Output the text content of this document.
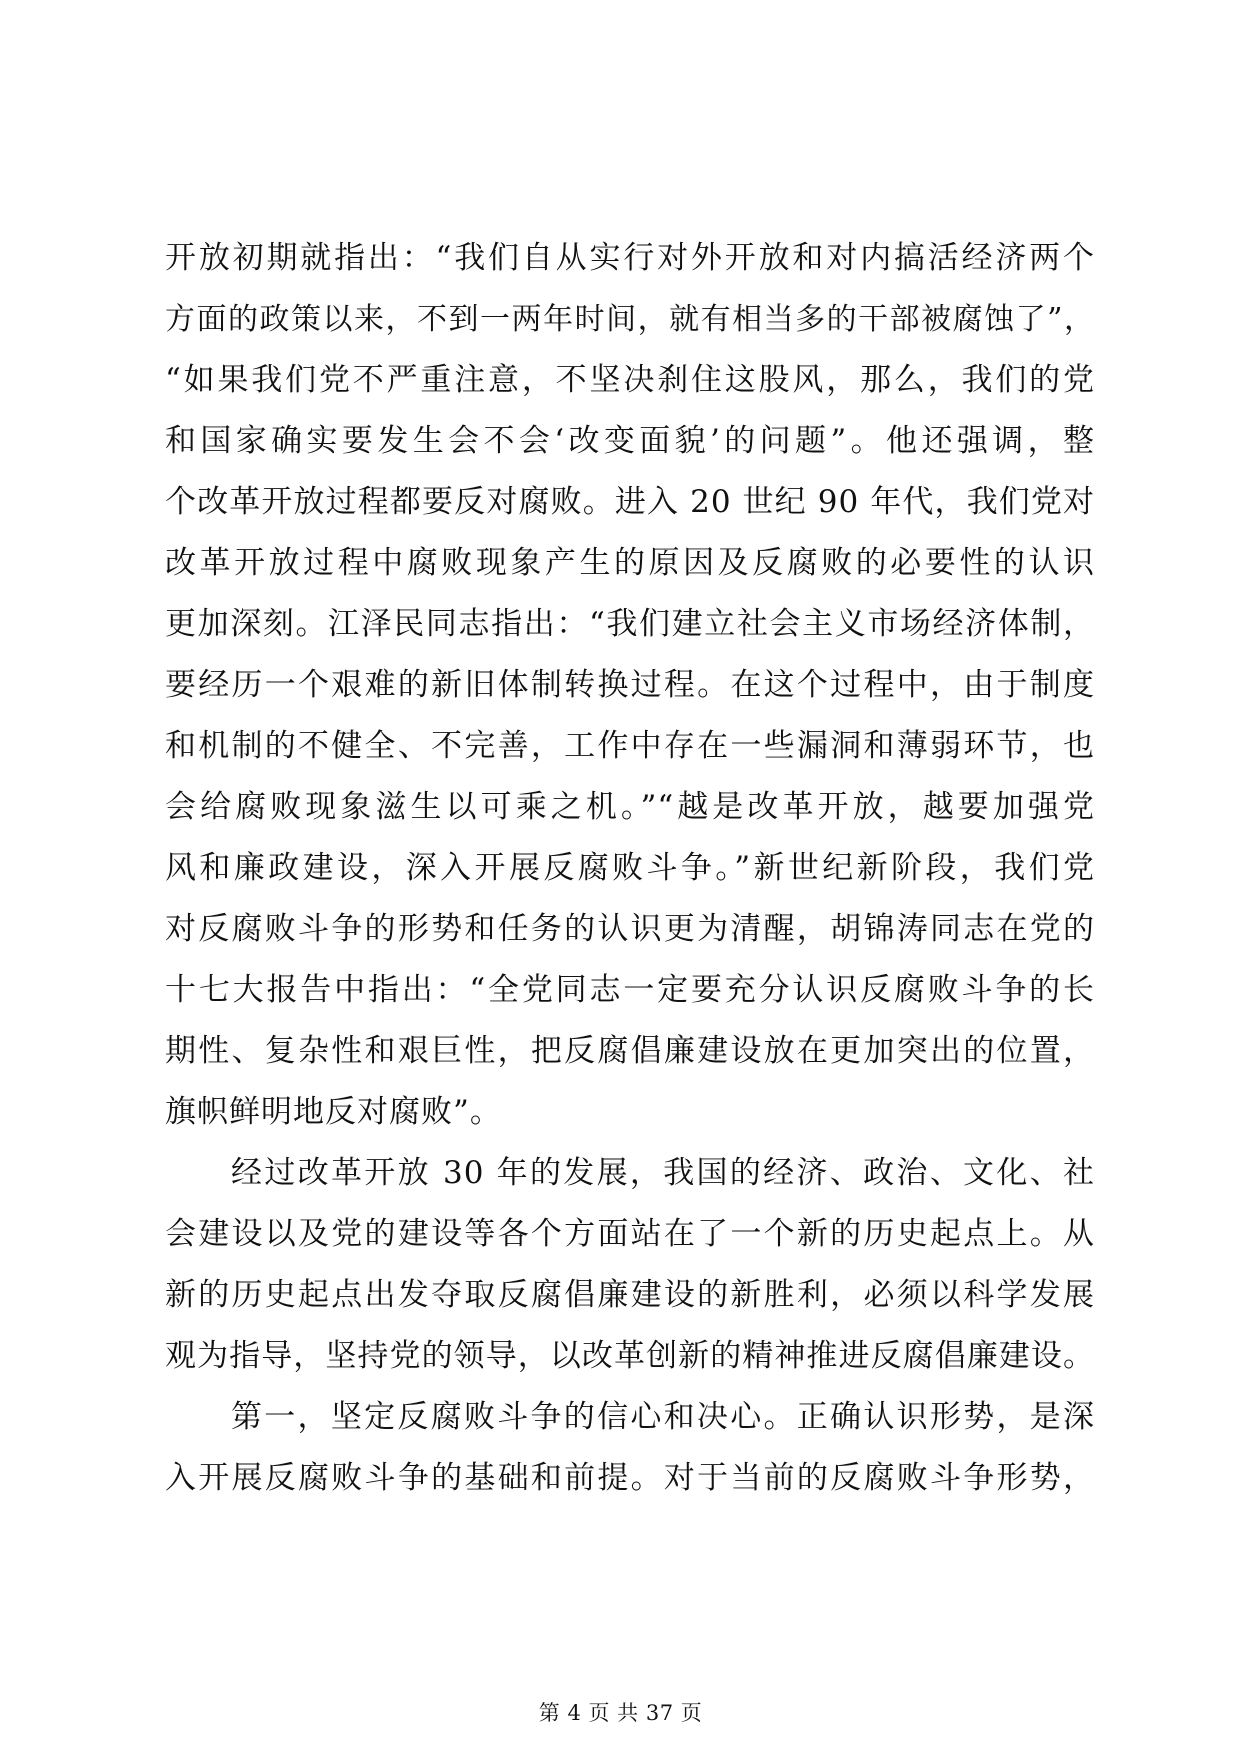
开放初期就指出：“我们自从实行对外开放和对内搞活经济两个
方面的政策以来，不到一两年时间，就有相当多的干部被腐蚀了”，
“如果我们党不严重注意，不坚决刹住这股风，那么，我们的党
和国家确实要发生会不会‘改变面貌’的问题”。他还强调，整
个改革开放过程都要反对腐败。进入 20 世纪 90 年代，我们党对
改革开放过程中腐败现象产生的原因及反腐败的必要性的认识
更加深刻。江泽民同志指出：“我们建立社会主义市场经济体制，
要经历一个艰难的新旧体制转换过程。在这个过程中，由于制度
和机制的不健全、不完善，工作中存在一些漏洞和薄弱环节，也
会给腐败现象滋生以可乘之机。”“越是改革开放，越要加强党
风和廉政建设，深入开展反腐败斗争。”新世纪新阶段，我们党
对反腐败斗争的形势和任务的认识更为清醒，胡锦涛同志在党的
十七大报告中指出：“全党同志一定要充分认识反腐败斗争的长
期性、复杂性和艰巨性，把反腐倡廉建设放在更加突出的位置，
旗帜鲜明地反对腐败”。
经过改革开放 30 年的发展，我国的经济、政治、文化、社
会建设以及党的建设等各个方面站在了一个新的历史起点上。从
新的历史起点出发夺取反腐倡廉建设的新胜利，必须以科学发展
观为指导，坚持党的领导，以改革创新的精神推进反腐倡廉建设。
第一，坚定反腐败斗争的信心和决心。正确认识形势，是深
入开展反腐败斗争的基础和前提。对于当前的反腐败斗争形势，
第 4 页 共 37 页
